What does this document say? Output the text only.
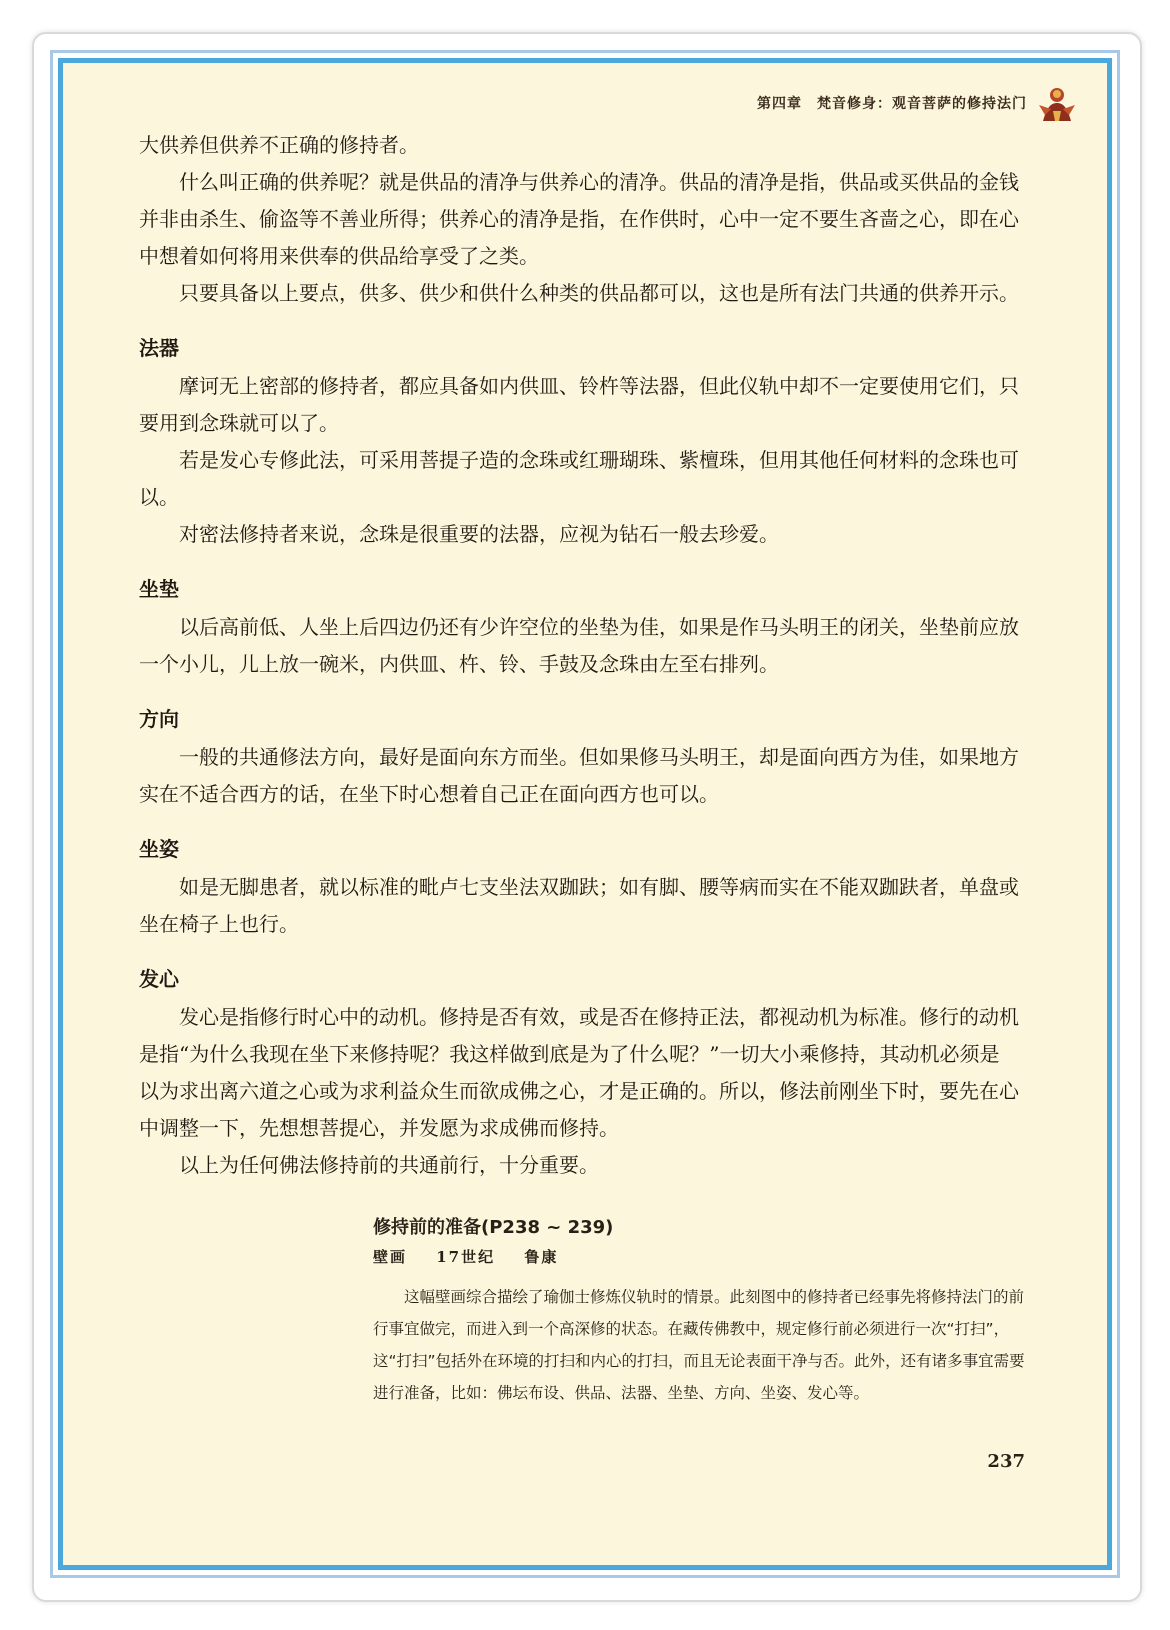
第四章　梵音修身：观音菩萨的修持法门

大供养但供养不正确的修持者。

什么叫正确的供养呢？就是供品的清净与供养心的清净。供品的清净是指，供品或买供品的金钱并非由杀生、偷盗等不善业所得；供养心的清净是指，在作供时，心中一定不要生吝啬之心，即在心中想着如何将用来供奉的供品给享受了之类。

只要具备以上要点，供多、供少和供什么种类的供品都可以，这也是所有法门共通的供养开示。

法器

摩诃无上密部的修持者，都应具备如内供皿、铃杵等法器，但此仪轨中却不一定要使用它们，只要用到念珠就可以了。

若是发心专修此法，可采用菩提子造的念珠或红珊瑚珠、紫檀珠，但用其他任何材料的念珠也可以。

对密法修持者来说，念珠是很重要的法器，应视为钻石一般去珍爱。

坐垫

以后高前低、人坐上后四边仍还有少许空位的坐垫为佳，如果是作马头明王的闭关，坐垫前应放一个小儿，儿上放一碗米，内供皿、杵、铃、手鼓及念珠由左至右排列。

方向

一般的共通修法方向，最好是面向东方而坐。但如果修马头明王，却是面向西方为佳，如果地方实在不适合西方的话，在坐下时心想着自己正在面向西方也可以。

坐姿

如是无脚患者，就以标准的毗卢七支坐法双跏趺；如有脚、腰等病而实在不能双跏趺者，单盘或坐在椅子上也行。

发心

发心是指修行时心中的动机。修持是否有效，或是否在修持正法，都视动机为标准。修行的动机是指“为什么我现在坐下来修持呢？我这样做到底是为了什么呢？”一切大小乘修持，其动机必须是以为求出离六道之心或为求利益众生而欲成佛之心，才是正确的。所以，修法前刚坐下时，要先在心中调整一下，先想想菩提心，并发愿为求成佛而修持。

以上为任何佛法修持前的共通前行，十分重要。

修持前的准备(P238 ~ 239)
壁画 17世纪 鲁康
这幅壁画综合描绘了瑜伽士修炼仪轨时的情景。此刻图中的修持者已经事先将修持法门的前行事宜做完，而进入到一个高深修的状态。在藏传佛教中，规定修行前必须进行一次“打扫”，这“打扫”包括外在环境的打扫和内心的打扫，而且无论表面干净与否。此外，还有诸多事宜需要进行准备，比如：佛坛布设、供品、法器、坐垫、方向、坐姿、发心等。
237
